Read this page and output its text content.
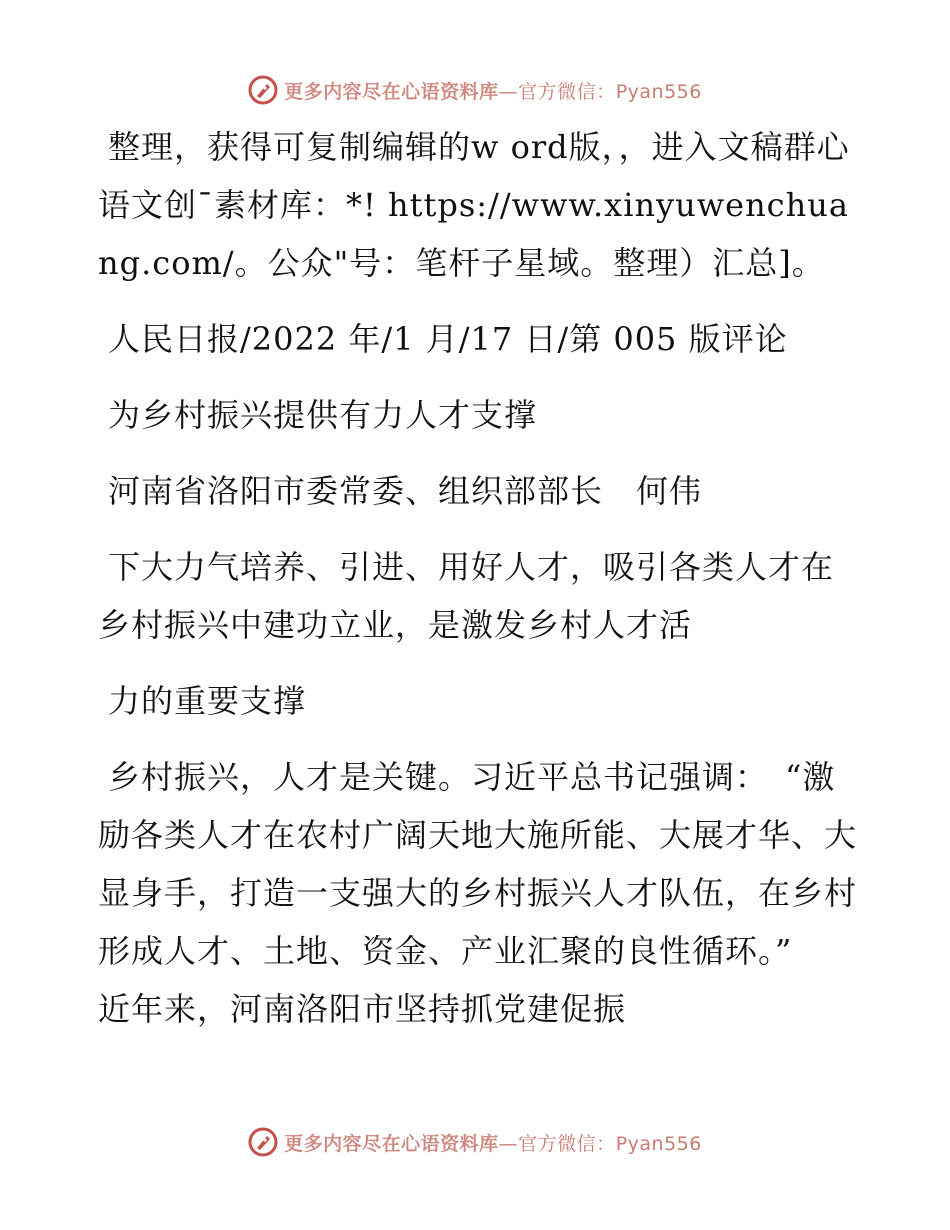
更多内容尽在心语资料库—官方微信：Pyan556

整理，获得可复制编辑的w ord版，，进入文稿群心语文创¯素材库：*! https://www.xinyuwenchuang.com/。公众"号：笔杆子星域。整理）汇总]。

人民日报/2022 年/1 月/17 日/第 005 版评论

为乡村振兴提供有力人才支撑

河南省洛阳市委常委、组织部部长　何伟

下大力气培养、引进、用好人才，吸引各类人才在乡村振兴中建功立业，是激发乡村人才活

力的重要支撑

乡村振兴，人才是关键。习近平总书记强调：　“激励各类人才在农村广阔天地大施所能、大展才华、大显身手，打造一支强大的乡村振兴人才队伍，在乡村形成人才、土地、资金、产业汇聚的良性循环。”　近年来，河南洛阳市坚持抓党建促振

更多内容尽在心语资料库—官方微信：Pyan556
